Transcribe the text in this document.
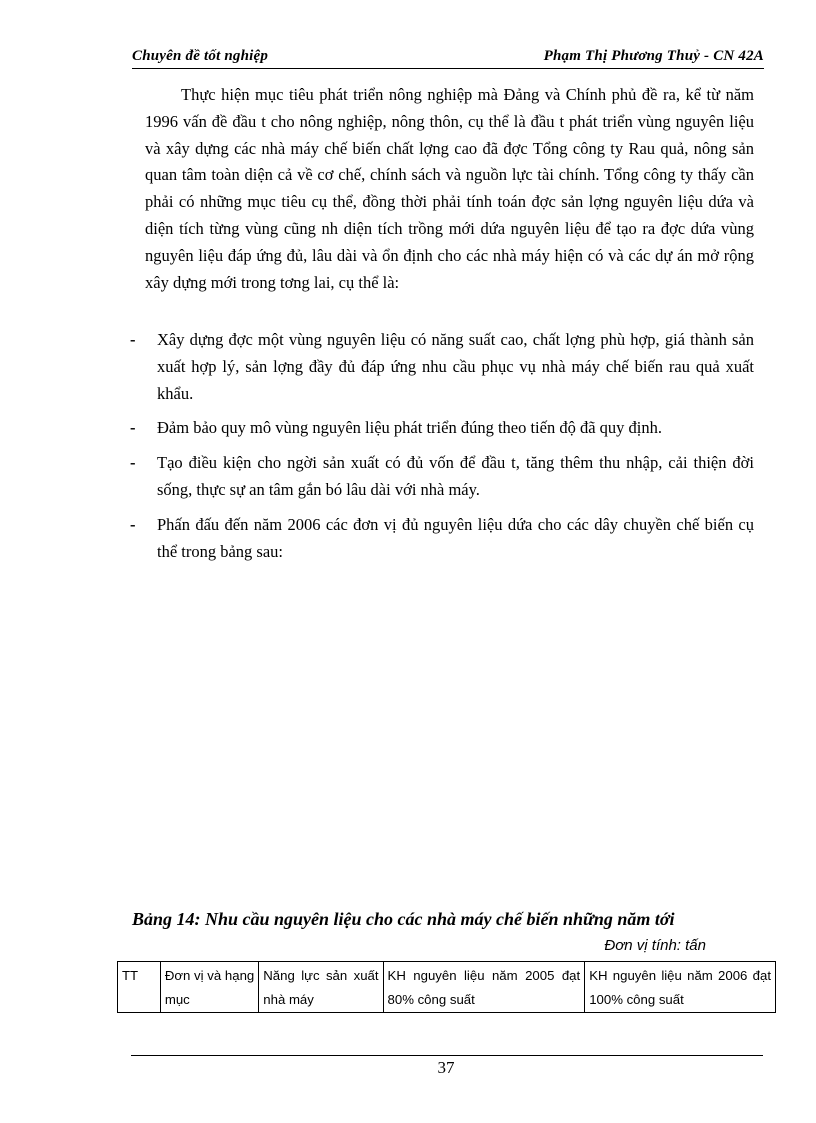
Chuyên đề tốt nghiệp	Phạm Thị Phương Thuỷ - CN 42A

Thực hiện mục tiêu phát triển nông nghiệp mà Đảng và Chính phủ đề ra, kể từ năm 1996 vấn đề đầu t cho nông nghiệp, nông thôn, cụ thể là đầu t phát triển vùng nguyên liệu và xây dựng các nhà máy chế biến chất lợng cao đã đợc Tổng công ty Rau quả, nông sản quan tâm toàn diện cả về cơ chế, chính sách và nguồn lực tài chính. Tổng công ty thấy cần phải có những mục tiêu cụ thể, đồng thời phải tính toán đợc sản lợng nguyên liệu dứa và diện tích từng vùng cũng nh diện tích trồng mới dứa nguyên liệu để tạo ra đợc dứa vùng nguyên liệu đáp ứng đủ, lâu dài và ổn định cho các nhà máy hiện có và các dự án mở rộng xây dựng mới trong tơng lai, cụ thể là:

- Xây dựng đợc một vùng nguyên liệu có năng suất cao, chất lợng phù hợp, giá thành sản xuất hợp lý, sản lợng đầy đủ đáp ứng nhu cầu phục vụ nhà máy chế biến rau quả xuất khẩu.
- Đảm bảo quy mô vùng nguyên liệu phát triển đúng theo tiến độ đã quy định.
- Tạo điều kiện cho ngời sản xuất có đủ vốn để đầu t, tăng thêm thu nhập, cải thiện đời sống, thực sự an tâm gắn bó lâu dài với nhà máy.
- Phấn đấu đến năm 2006 các đơn vị đủ nguyên liệu dứa cho các dây chuyền chế biến cụ thể trong bảng sau:
Bảng 14: Nhu cầu nguyên liệu cho các nhà máy chế biến những năm tới
Đơn vị tính: tấn
TT	Đơn vị và hạng mục	Năng lực sản xuất nhà máy	KH nguyên liệu năm 2005 đạt 80% công suất	KH nguyên liệu năm 2006 đạt 100% công suất
37
